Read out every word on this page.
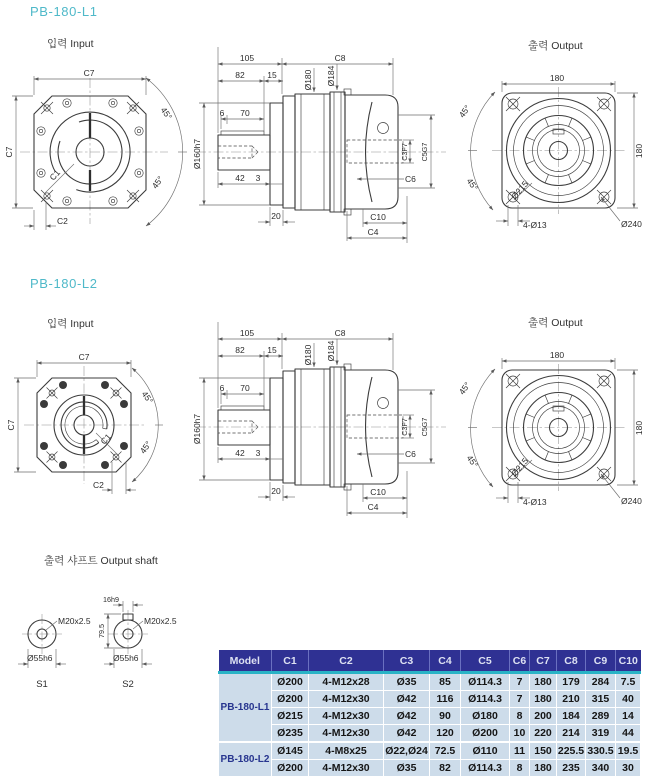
PB-180-L1
PB-180-L2
입력 Input
C7
C7
C2
C1
45°
45°
105	C8
82	15	Ø180 Ø184
6 70
Ø160h7
42 3
20
C3F7 C5G7
C6
C10
C4
출력 Output
180
180
45°
45°	Ø215
4-Ø13	Ø240
입력 Input
C7
C7
C2
C1
45°
45°
출력 샤프트 Output shaft
M20x2.5
Ø55h6
S1
16h9
79.5
M20x2.5
Ø55h6
S2
Model	C1	C2	C3	C4	C5	C6	C7	C8	C9	C10
PB-180-L1	Ø200	4-M12x28	Ø35	85	Ø114.3	7	180	179	284	7.5
	Ø200	4-M12x30	Ø42	116	Ø114.3	7	180	210	315	40
	Ø215	4-M12x30	Ø42	90	Ø180	8	200	184	289	14
	Ø235	4-M12x30	Ø42	120	Ø200	10	220	214	319	44
PB-180-L2	Ø145	4-M8x25	Ø22,Ø24	72.5	Ø110	11	150	225.5	330.5	19.5
	Ø200	4-M12x30	Ø35	82	Ø114.3	8	180	235	340	30
